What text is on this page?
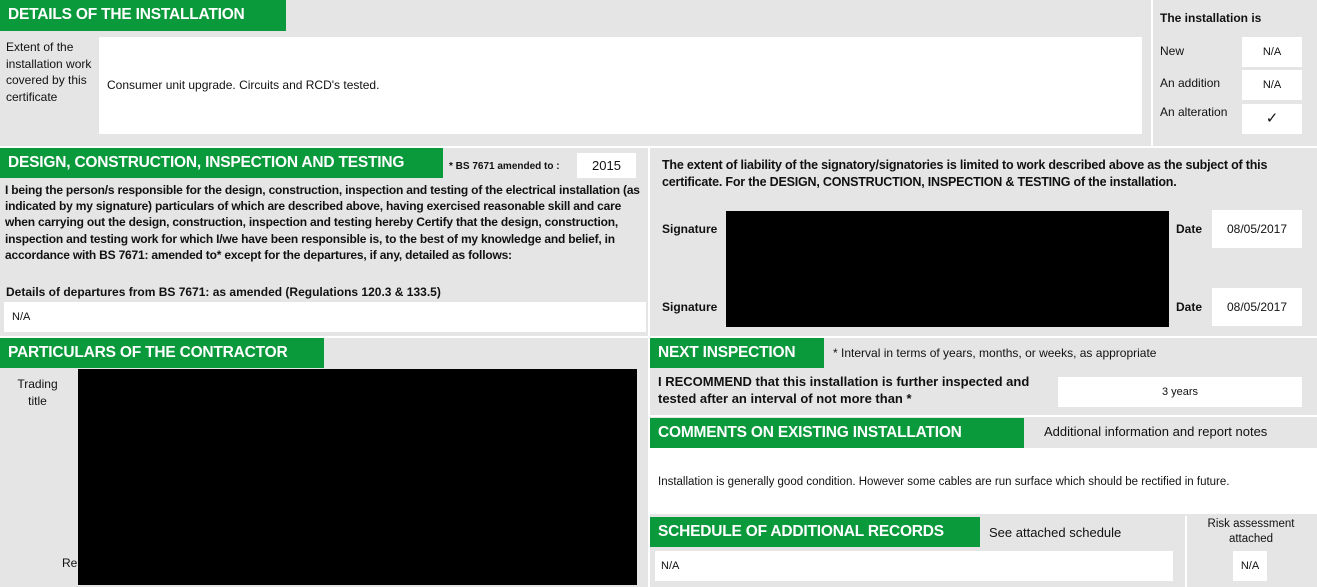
DETAILS OF THE INSTALLATION
Extent of the installation work covered by this certificate
Consumer unit upgrade. Circuits and RCD's tested.
The installation is
New	N/A
An addition	N/A
An alteration	✓
DESIGN, CONSTRUCTION, INSPECTION AND TESTING	* BS 7671 amended to :	2015
I being the person/s responsible for the design, construction, inspection and testing of the electrical installation (as indicated by my signature) particulars of which are described above, having exercised reasonable skill and care when carrying out the design, construction, inspection and testing hereby Certify that the design, construction, inspection and testing work for which I/we have been responsible is, to the best of my knowledge and belief, in accordance with BS 7671: amended to* except for the departures, if any, detailed as follows:
Details of departures from BS 7671: as amended (Regulations 120.3 & 133.5)
N/A
The extent of liability of the signatory/signatories is limited to work described above as the subject of this certificate. For the DESIGN, CONSTRUCTION, INSPECTION & TESTING of the installation.
Signature	Date	08/05/2017
Signature	Date	08/05/2017
PARTICULARS OF THE CONTRACTOR
Trading title
Re
NEXT INSPECTION	* Interval in terms of years, months, or weeks, as appropriate
I RECOMMEND that this installation is further inspected and tested after an interval of not more than *	3 years
COMMENTS ON EXISTING INSTALLATION	Additional information and report notes
Installation is generally good condition. However some cables are run surface which should be rectified in future.
SCHEDULE OF ADDITIONAL RECORDS	See attached schedule
N/A
Risk assessment attached
N/A
